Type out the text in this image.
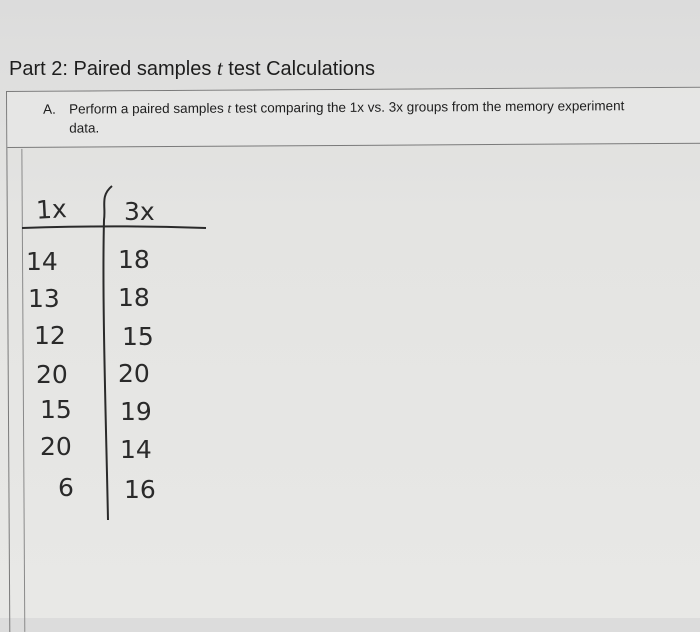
Part 2: Paired samples t test Calculations
A. Perform a paired samples t test comparing the 1x vs. 3x groups from the memory experiment data.
1x 3x
14
13
12
20
15
20
6
18
18
15
20
19
14
16
